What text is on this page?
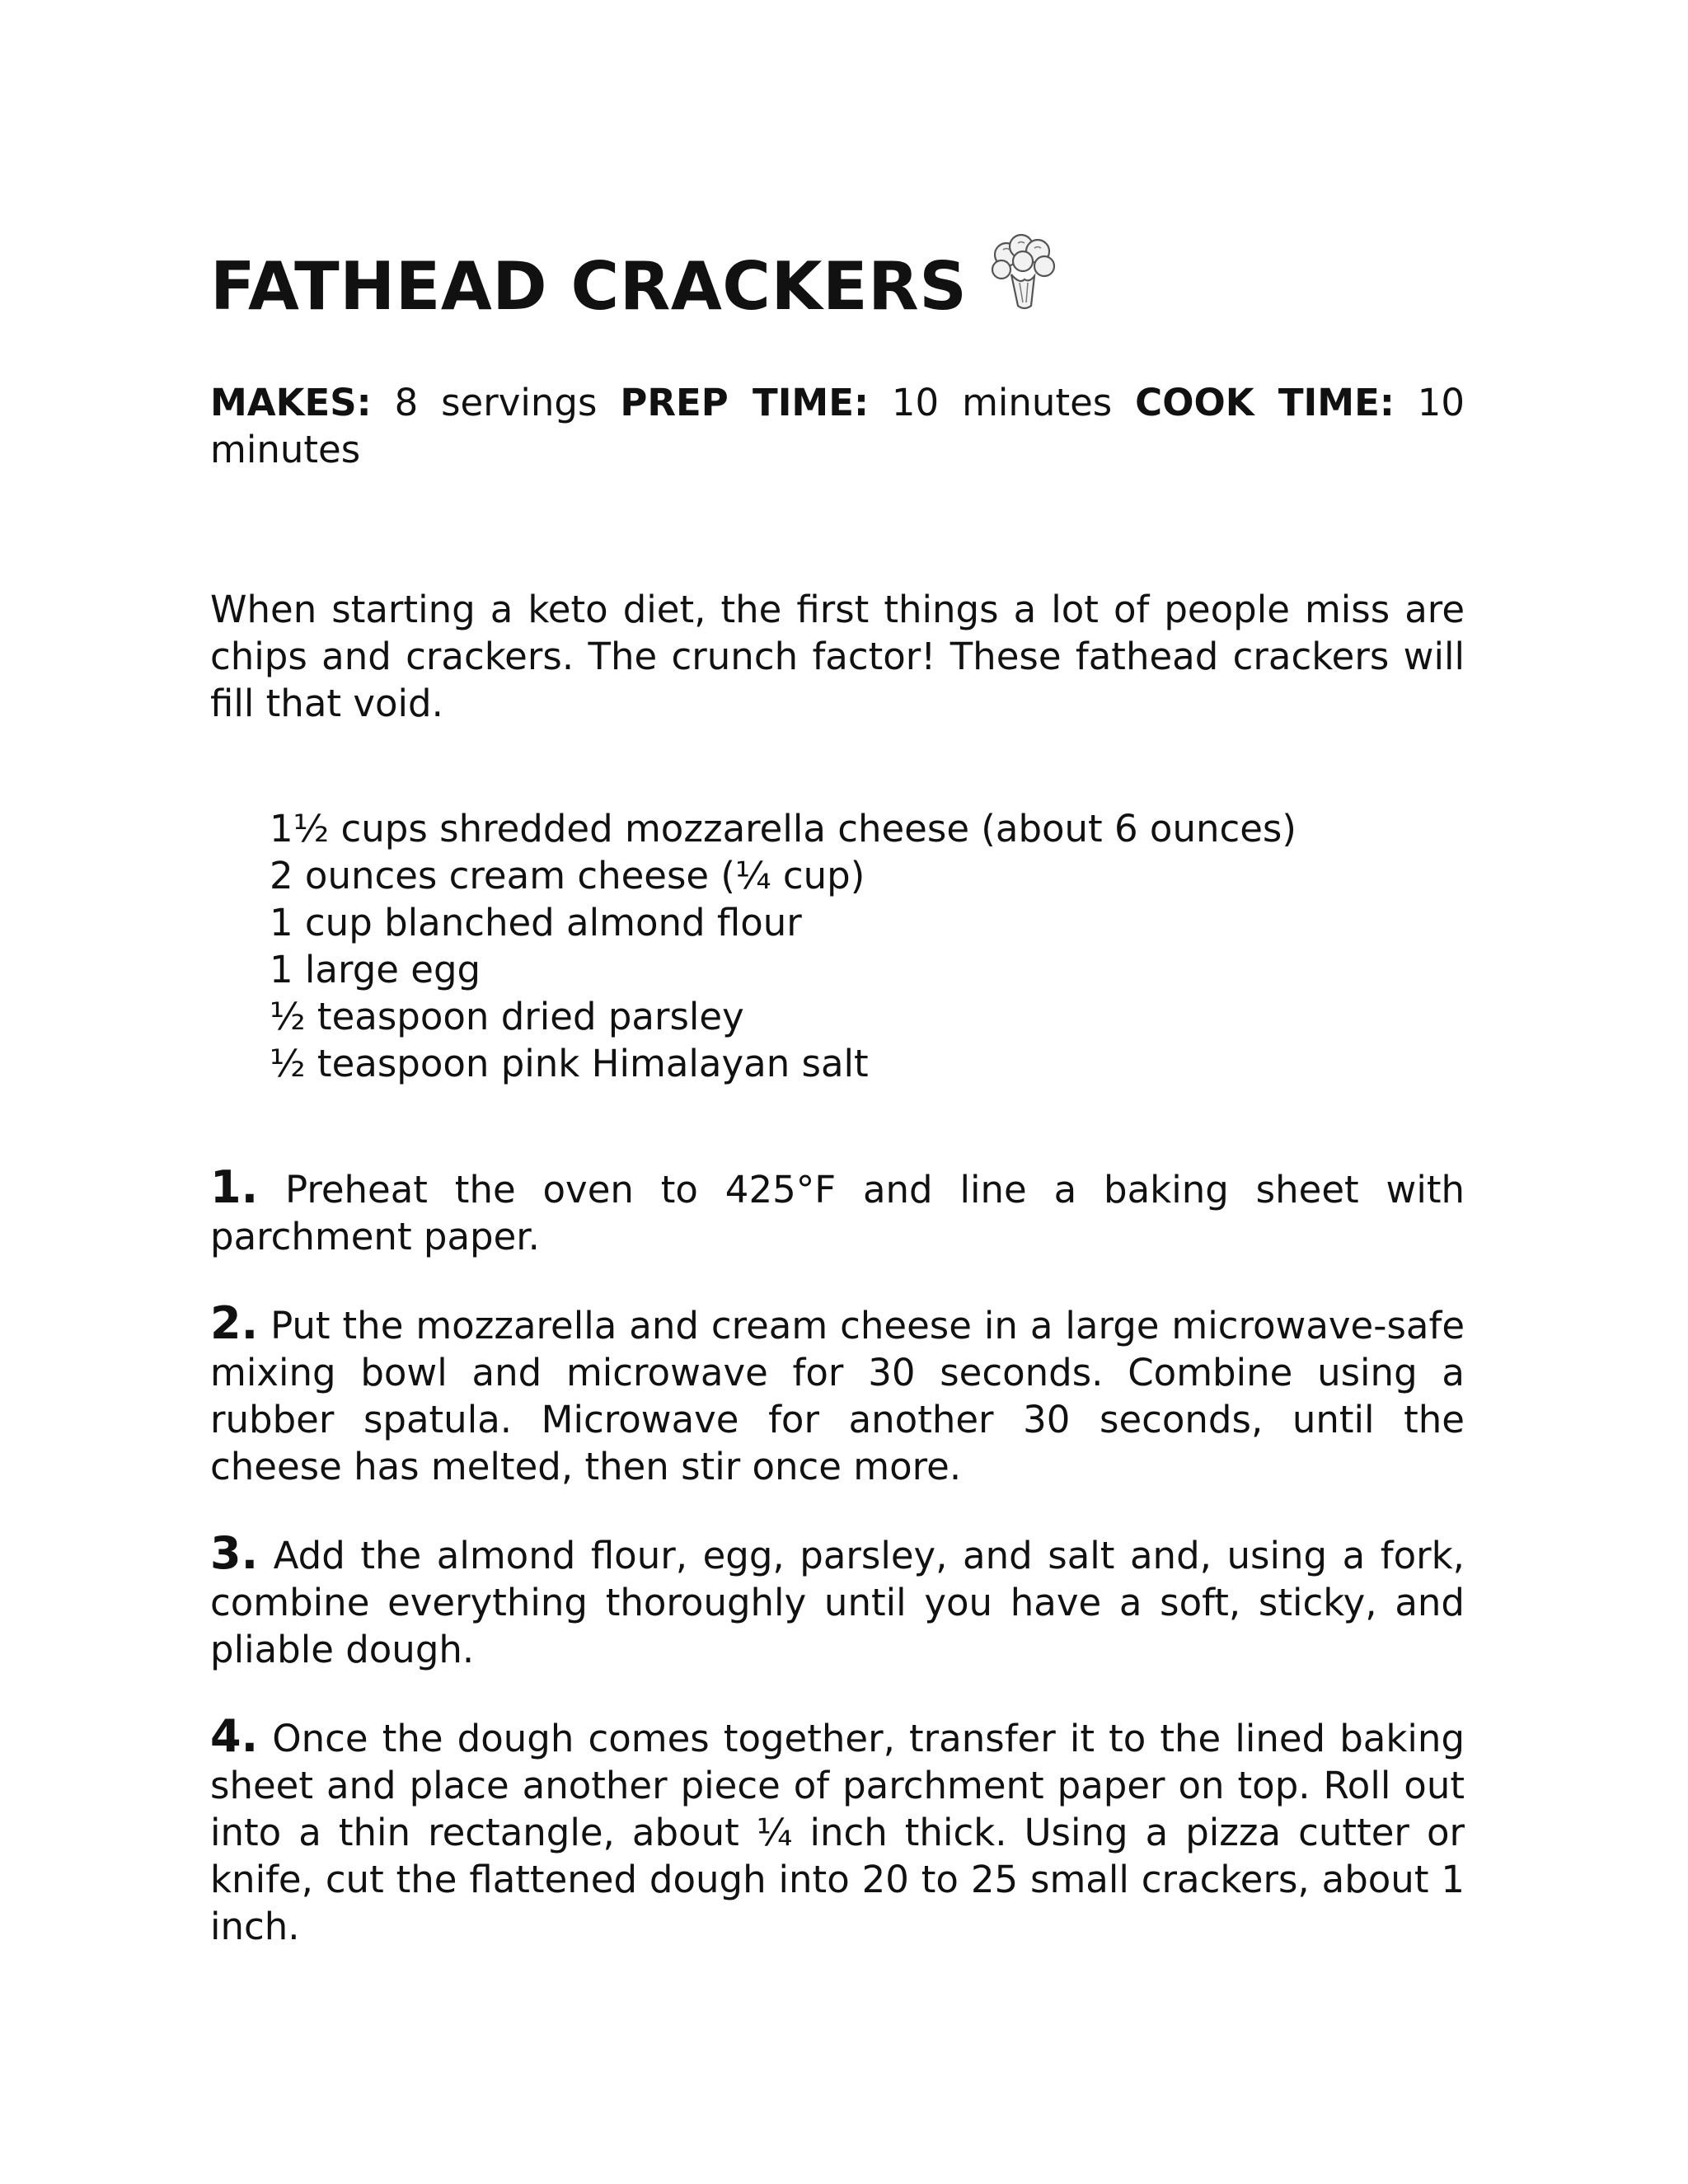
FATHEAD CRACKERS
MAKES: 8 servings PREP TIME: 10 minutes COOK TIME: 10 minutes

When starting a keto diet, the first things a lot of people miss are chips and crackers. The crunch factor! These fathead crackers will fill that void.

1½ cups shredded mozzarella cheese (about 6 ounces)
2 ounces cream cheese (¼ cup)
1 cup blanched almond flour
1 large egg
½ teaspoon dried parsley
½ teaspoon pink Himalayan salt
1. Preheat the oven to 425°F and line a baking sheet with parchment paper.
2. Put the mozzarella and cream cheese in a large microwave-safe mixing bowl and microwave for 30 seconds. Combine using a rubber spatula. Microwave for another 30 seconds, until the cheese has melted, then stir once more.
3. Add the almond flour, egg, parsley, and salt and, using a fork, combine everything thoroughly until you have a soft, sticky, and pliable dough.
4. Once the dough comes together, transfer it to the lined baking sheet and place another piece of parchment paper on top. Roll out into a thin rectangle, about ¼ inch thick. Using a pizza cutter or knife, cut the flattened dough into 20 to 25 small crackers, about 1 inch.
